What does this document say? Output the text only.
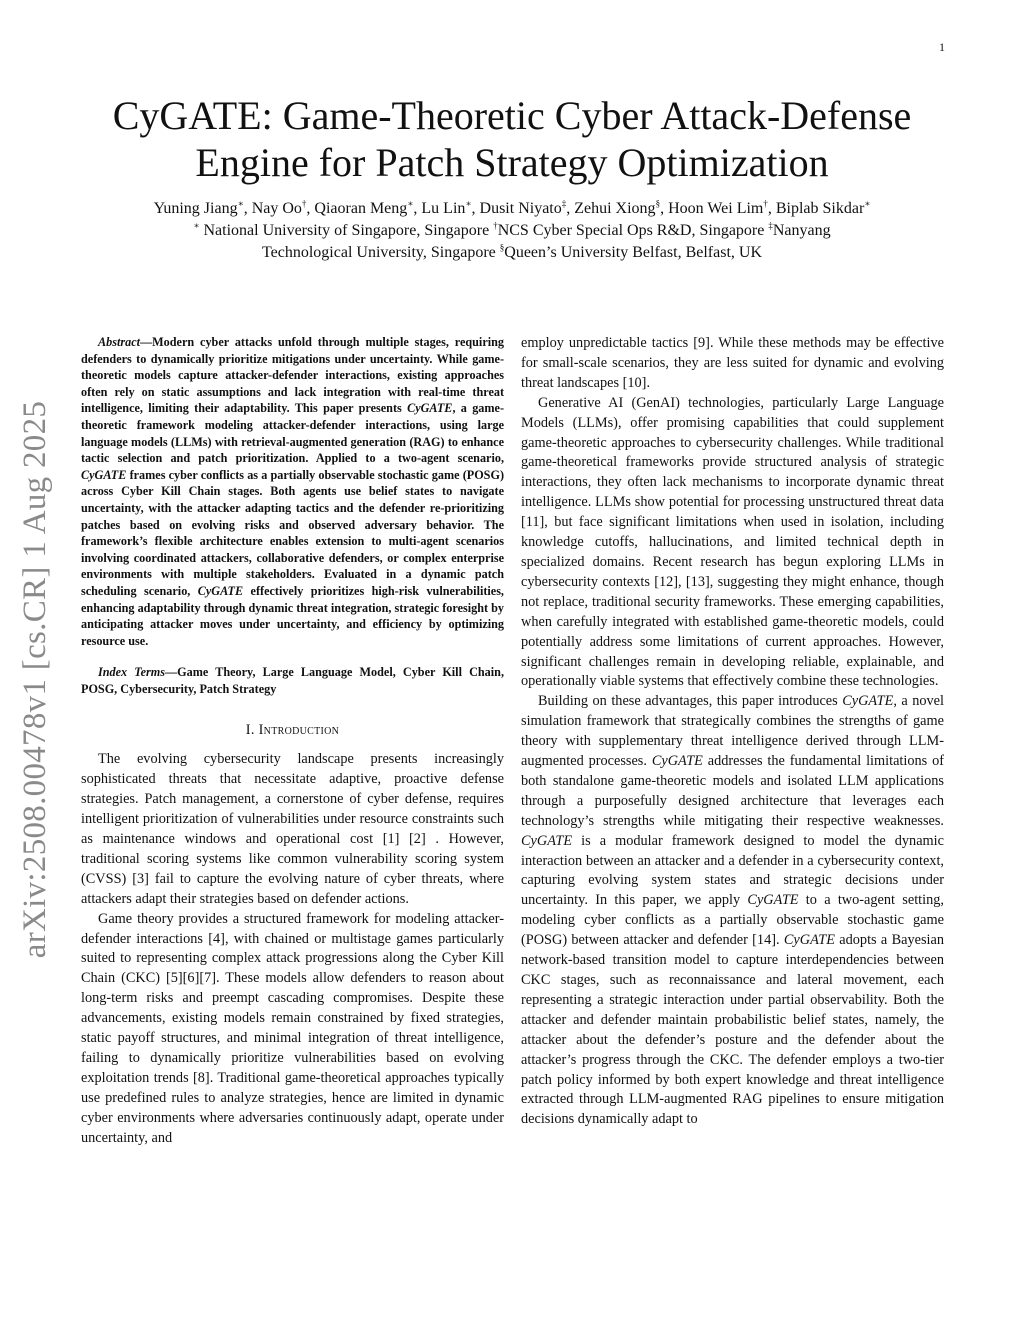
1
arXiv:2508.00478v1 [cs.CR] 1 Aug 2025
CyGATE: Game-Theoretic Cyber Attack-Defense
Engine for Patch Strategy Optimization
Yuning Jiang∗, Nay Oo†, Qiaoran Meng∗, Lu Lin∗, Dusit Niyato‡, Zehui Xiong§, Hoon Wei Lim†, Biplab Sikdar∗
∗ National University of Singapore, Singapore †NCS Cyber Special Ops R&D, Singapore ‡Nanyang
Technological University, Singapore §Queen’s University Belfast, Belfast, UK

Abstract—Modern cyber attacks unfold through multiple stages, requiring defenders to dynamically prioritize mitigations under uncertainty. While game-theoretic models capture attacker-defender interactions, existing approaches often rely on static assumptions and lack integration with real-time threat intelligence, limiting their adaptability. This paper presents CyGATE, a game-theoretic framework modeling attacker-defender interactions, using large language models (LLMs) with retrieval-augmented generation (RAG) to enhance tactic selection and patch prioritization. Applied to a two-agent scenario, CyGATE frames cyber conflicts as a partially observable stochastic game (POSG) across Cyber Kill Chain stages. Both agents use belief states to navigate uncertainty, with the attacker adapting tactics and the defender re-prioritizing patches based on evolving risks and observed adversary behavior. The framework’s flexible architecture enables extension to multi-agent scenarios involving coordinated attackers, collaborative defenders, or complex enterprise environments with multiple stakeholders. Evaluated in a dynamic patch scheduling scenario, CyGATE effectively prioritizes high-risk vulnerabilities, enhancing adaptability through dynamic threat integration, strategic foresight by anticipating attacker moves under uncertainty, and efficiency by optimizing resource use.

Index Terms—Game Theory, Large Language Model, Cyber Kill Chain, POSG, Cybersecurity, Patch Strategy

I. Introduction

The evolving cybersecurity landscape presents increasingly sophisticated threats that necessitate adaptive, proactive defense strategies. Patch management, a cornerstone of cyber defense, requires intelligent prioritization of vulnerabilities under resource constraints such as maintenance windows and operational cost [1] [2] . However, traditional scoring systems like common vulnerability scoring system (CVSS) [3] fail to capture the evolving nature of cyber threats, where attackers adapt their strategies based on defender actions.

Game theory provides a structured framework for modeling attacker-defender interactions [4], with chained or multistage games particularly suited to representing complex attack progressions along the Cyber Kill Chain (CKC) [5][6][7]. These models allow defenders to reason about long-term risks and preempt cascading compromises. Despite these advancements, existing models remain constrained by fixed strategies, static payoff structures, and minimal integration of threat intelligence, failing to dynamically prioritize vulnerabilities based on evolving exploitation trends [8]. Traditional game-theoretical approaches typically use predefined rules to analyze strategies, hence are limited in dynamic cyber environments where adversaries continuously adapt, operate under uncertainty, and

employ unpredictable tactics [9]. While these methods may be effective for small-scale scenarios, they are less suited for dynamic and evolving threat landscapes [10].

Generative AI (GenAI) technologies, particularly Large Language Models (LLMs), offer promising capabilities that could supplement game-theoretic approaches to cybersecurity challenges. While traditional game-theoretical frameworks provide structured analysis of strategic interactions, they often lack mechanisms to incorporate dynamic threat intelligence. LLMs show potential for processing unstructured threat data [11], but face significant limitations when used in isolation, including knowledge cutoffs, hallucinations, and limited technical depth in specialized domains. Recent research has begun exploring LLMs in cybersecurity contexts [12], [13], suggesting they might enhance, though not replace, traditional security frameworks. These emerging capabilities, when carefully integrated with established game-theoretic models, could potentially address some limitations of current approaches. However, significant challenges remain in developing reliable, explainable, and operationally viable systems that effectively combine these technologies.

Building on these advantages, this paper introduces CyGATE, a novel simulation framework that strategically combines the strengths of game theory with supplementary threat intelligence derived through LLM-augmented processes. CyGATE addresses the fundamental limitations of both standalone game-theoretic models and isolated LLM applications through a purposefully designed architecture that leverages each technology’s strengths while mitigating their respective weaknesses. CyGATE is a modular framework designed to model the dynamic interaction between an attacker and a defender in a cybersecurity context, capturing evolving system states and strategic decisions under uncertainty. In this paper, we apply CyGATE to a two-agent setting, modeling cyber conflicts as a partially observable stochastic game (POSG) between attacker and defender [14]. CyGATE adopts a Bayesian network-based transition model to capture interdependencies between CKC stages, such as reconnaissance and lateral movement, each representing a strategic interaction under partial observability. Both the attacker and defender maintain probabilistic belief states, namely, the attacker about the defender’s posture and the defender about the attacker’s progress through the CKC. The defender employs a two-tier patch policy informed by both expert knowledge and threat intelligence extracted through LLM-augmented RAG pipelines to ensure mitigation decisions dynamically adapt to
